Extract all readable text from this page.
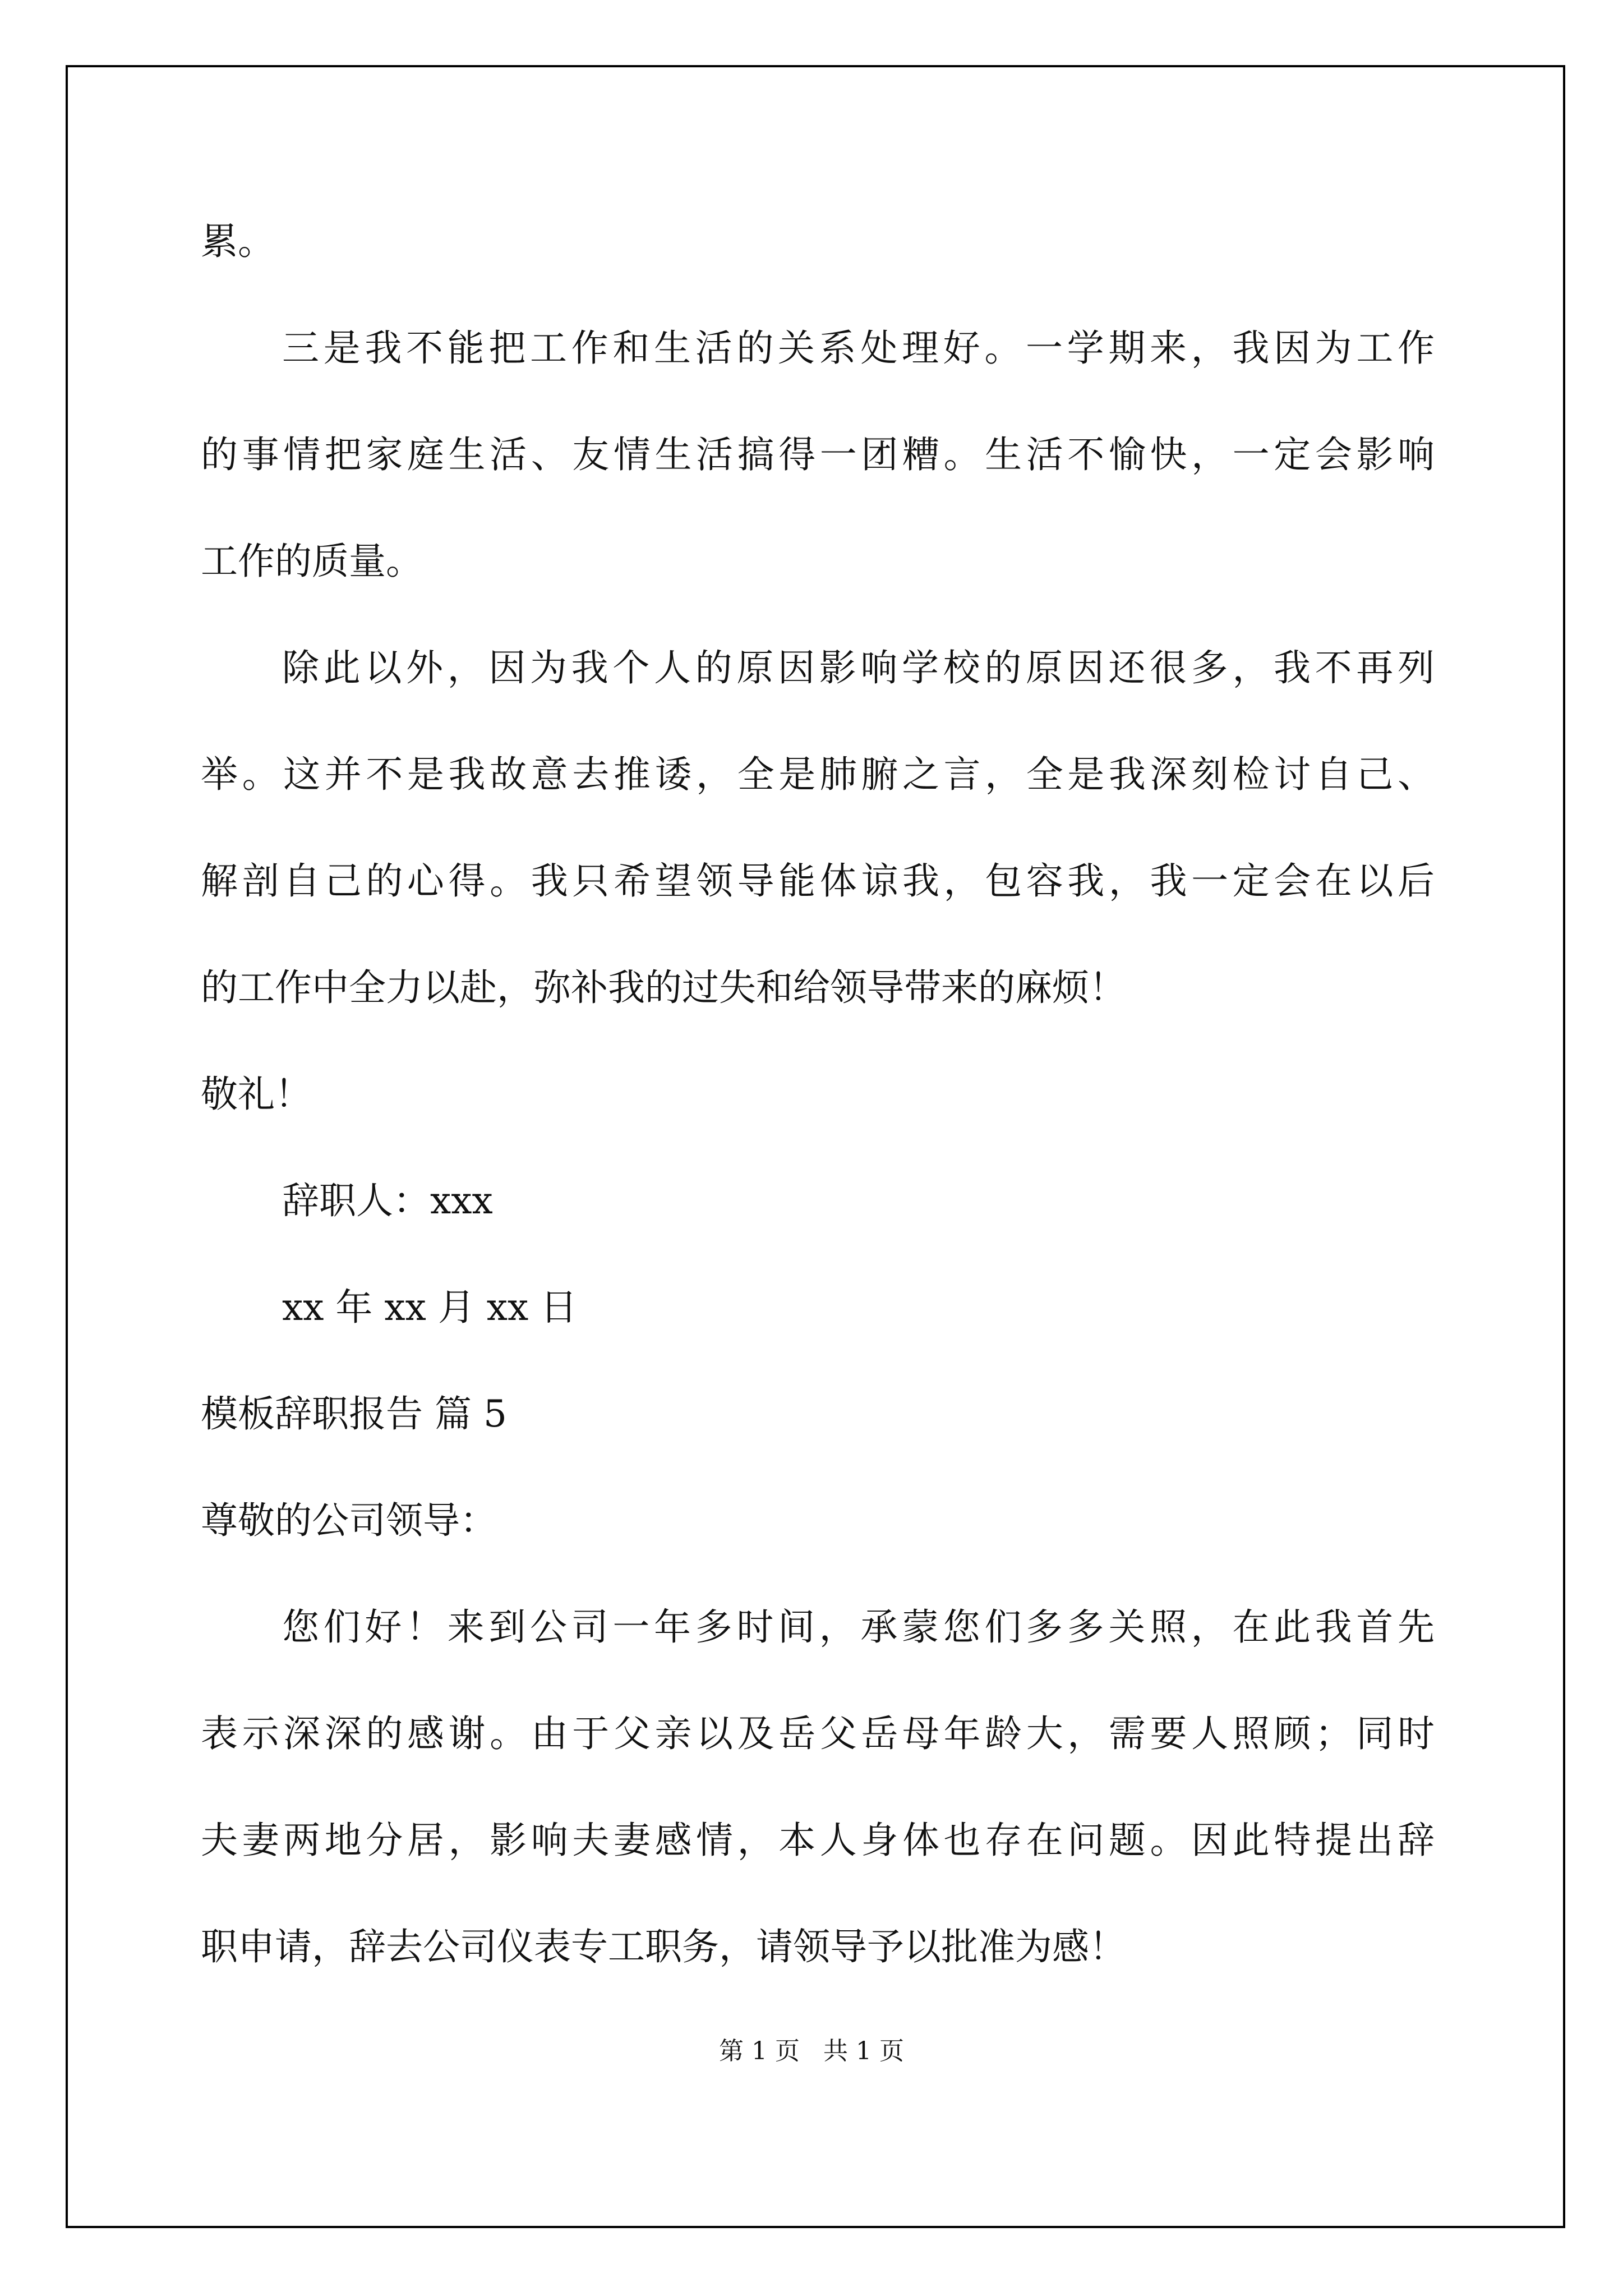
累。
三是我不能把工作和生活的关系处理好。一学期来，我因为工作
的事情把家庭生活、友情生活搞得一团糟。生活不愉快，一定会影响
工作的质量。
除此以外，因为我个人的原因影响学校的原因还很多，我不再列
举。这并不是我故意去推诿，全是肺腑之言，全是我深刻检讨自己、
解剖自己的心得。我只希望领导能体谅我，包容我，我一定会在以后
的工作中全力以赴，弥补我的过失和给领导带来的麻烦！
敬礼！
辞职人：xxx
xx 年 xx 月 xx 日
模板辞职报告 篇 5
尊敬的公司领导：
您们好！来到公司一年多时间，承蒙您们多多关照，在此我首先
表示深深的感谢。由于父亲以及岳父岳母年龄大，需要人照顾；同时
夫妻两地分居，影响夫妻感情，本人身体也存在问题。因此特提出辞
职申请，辞去公司仪表专工职务，请领导予以批准为感！
第 1 页 共 1 页
